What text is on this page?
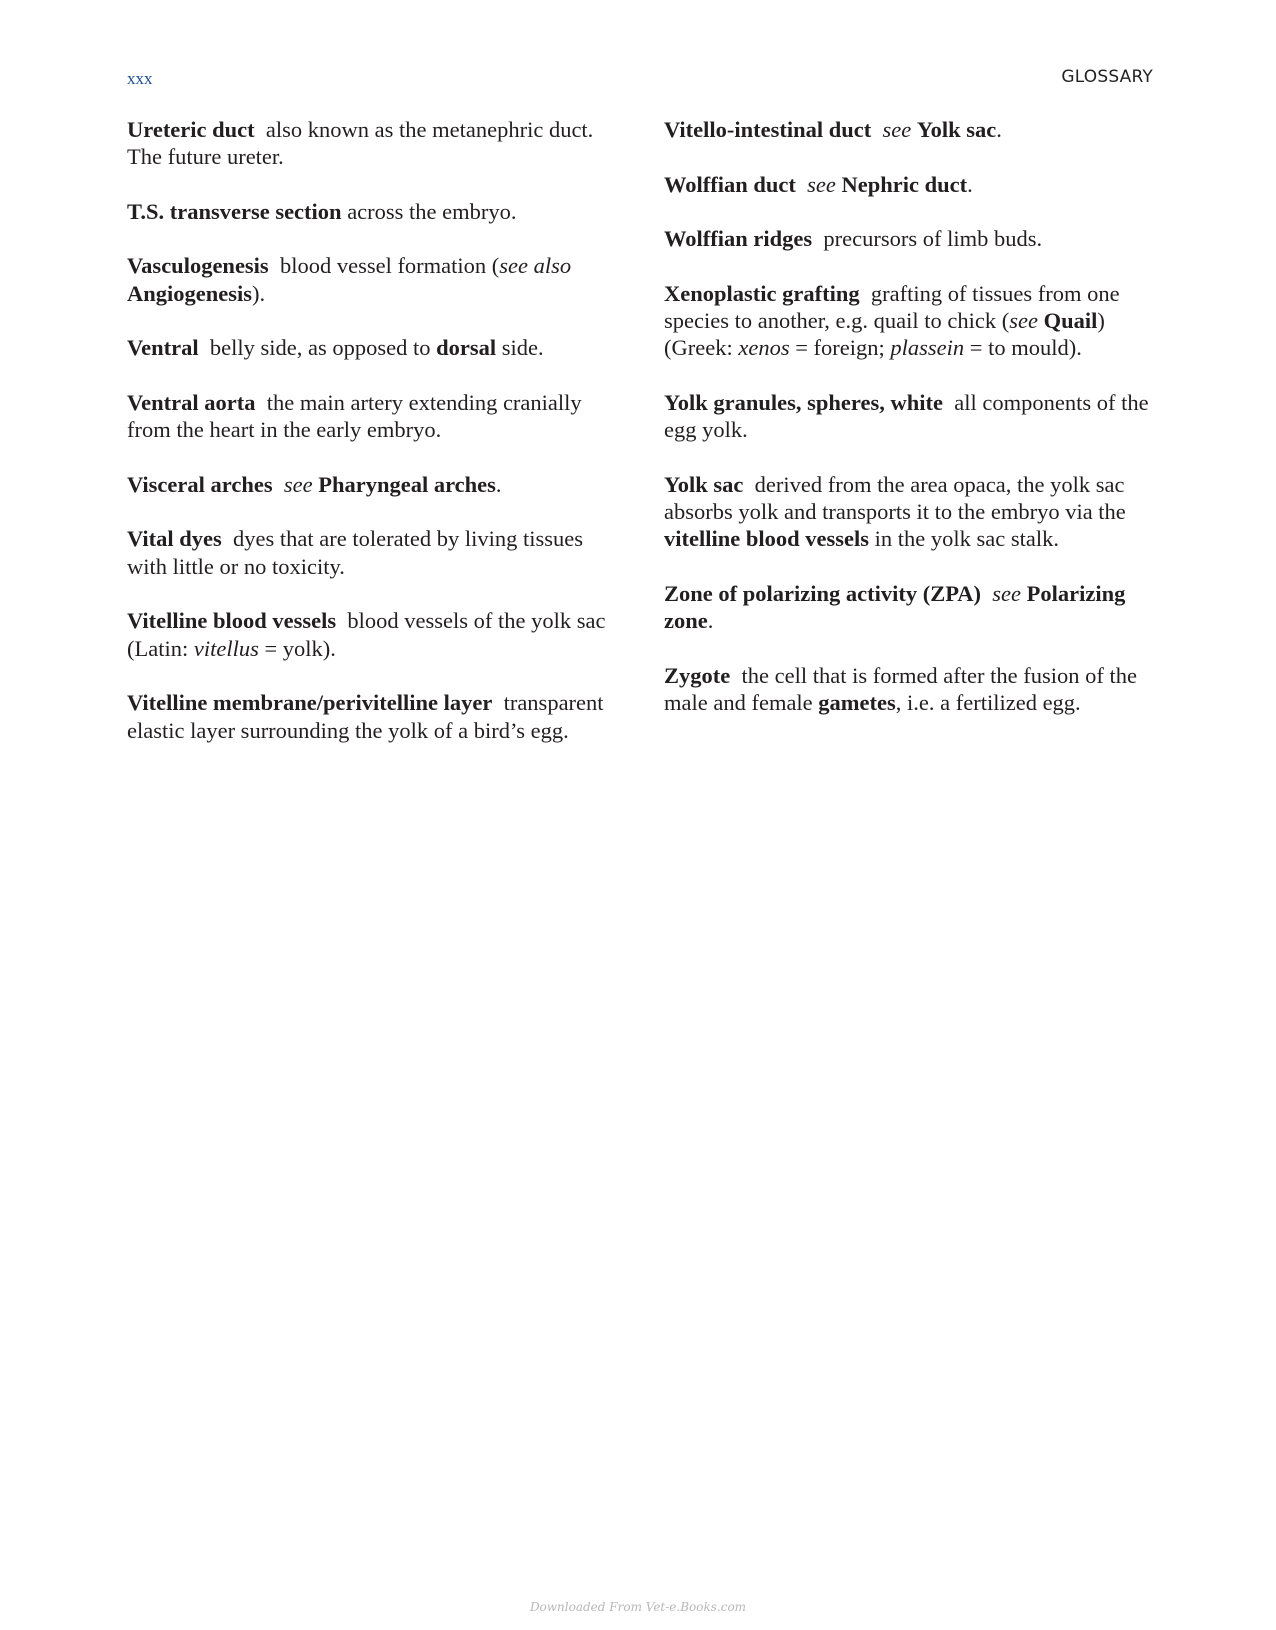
xxx	GLOSSARY

Ureteric duct also known as the metanephric duct. The future ureter.

T.S. transverse section across the embryo.

Vasculogenesis blood vessel formation (see also Angiogenesis).

Ventral belly side, as opposed to dorsal side.

Ventral aorta the main artery extending cranially from the heart in the early embryo.

Visceral arches see Pharyngeal arches.

Vital dyes dyes that are tolerated by living tissues with little or no toxicity.

Vitelline blood vessels blood vessels of the yolk sac (Latin: vitellus = yolk).

Vitelline membrane/perivitelline layer transparent elastic layer surrounding the yolk of a bird’s egg.

Vitello-intestinal duct see Yolk sac.

Wolffian duct see Nephric duct.

Wolffian ridges precursors of limb buds.

Xenoplastic grafting grafting of tissues from one species to another, e.g. quail to chick (see Quail) (Greek: xenos = foreign; plassein = to mould).

Yolk granules, spheres, white all components of the egg yolk.

Yolk sac derived from the area opaca, the yolk sac absorbs yolk and transports it to the embryo via the vitelline blood vessels in the yolk sac stalk.

Zone of polarizing activity (ZPA) see Polarizing zone.

Zygote the cell that is formed after the fusion of the male and female gametes, i.e. a fertilized egg.

Downloaded From Vet-e.Books.com
